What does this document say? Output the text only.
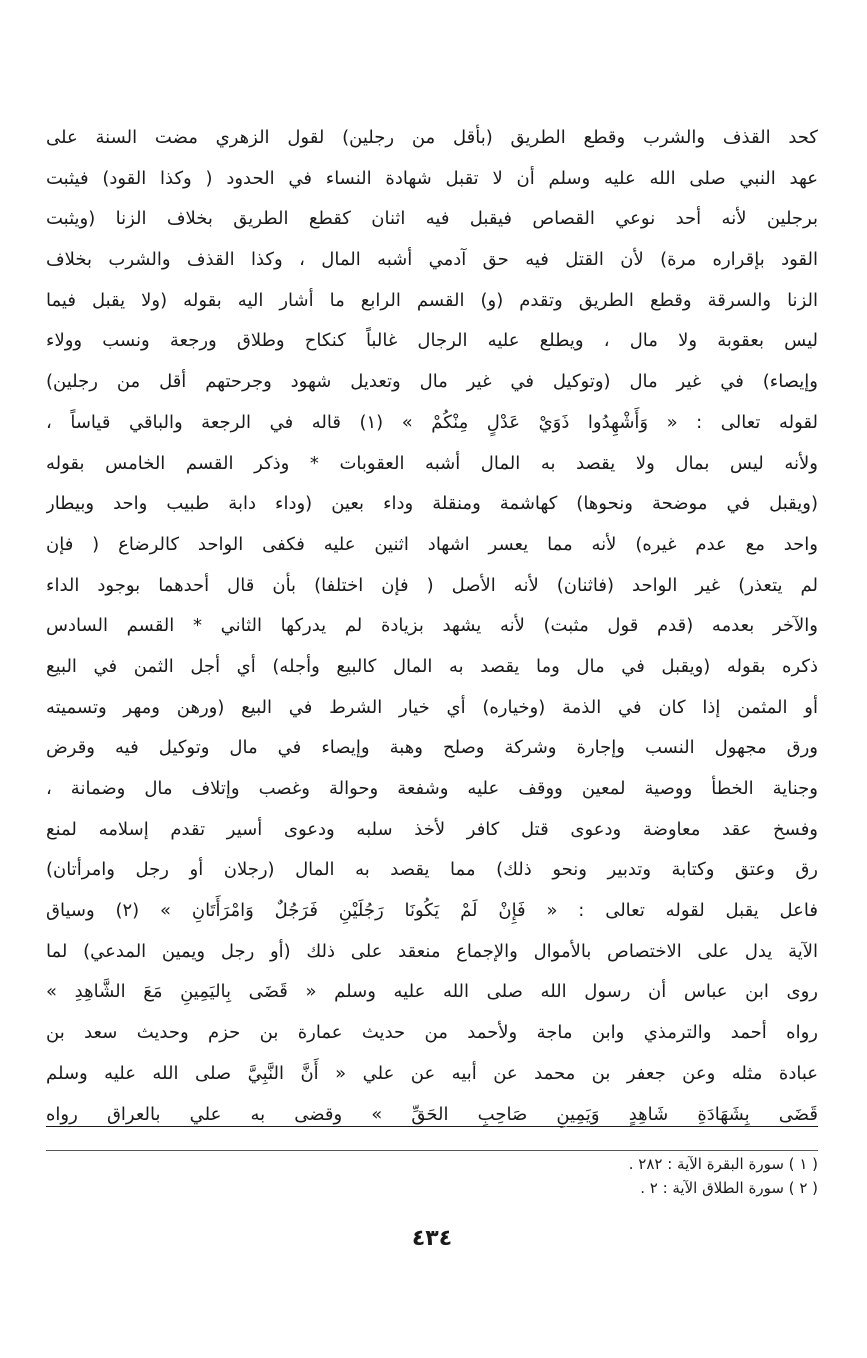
كحد القذف والشرب وقطع الطريق (بأقل من رجلين) لقول الزهري مضت السنة على
عهد النبي صلى الله عليه وسلم أن لا تقبل شهادة النساء في الحدود ( وكذا القود) فيثبت
برجلين لأنه أحد نوعي القصاص فيقبل فيه اثنان كقطع الطريق بخلاف الزنا (ويثبت
القود بإقراره مرة) لأن القتل فيه حق آدمي أشبه المال ، وكذا القذف والشرب بخلاف
الزنا والسرقة وقطع الطريق وتقدم (و) القسم الرابع ما أشار اليه بقوله (ولا يقبل فيما
ليس بعقوبة ولا مال ، ويطلع عليه الرجال غالباً كنكاح وطلاق ورجعة ونسب وولاء
وإيصاء) في غير مال (وتوكيل في غير مال وتعديل شهود وجرحتهم أقل من رجلين)
لقوله تعالى : « وَأَشْهِدُوا ذَوَيْ عَدْلٍ مِنْكُمْ » (١) قاله في الرجعة والباقي قياساً ،
ولأنه ليس بمال ولا يقصد به المال أشبه العقوبات * وذكر القسم الخامس بقوله
(ويقبل في موضحة ونحوها) كهاشمة ومنقلة وداء بعين (وداء دابة طبيب واحد وبيطار
واحد مع عدم غيره) لأنه مما يعسر اشهاد اثنين عليه فكفى الواحد كالرضاع ( فإن
لم يتعذر) غير الواحد (فاثنان) لأنه الأصل ( فإن اختلفا) بأن قال أحدهما بوجود الداء
والآخر بعدمه (قدم قول مثبت) لأنه يشهد بزيادة لم يدركها الثاني * القسم السادس
ذكره بقوله (ويقبل في مال وما يقصد به المال كالبيع وأجله) أي أجل الثمن في البيع
أو المثمن إذا كان في الذمة (وخياره) أي خيار الشرط في البيع (ورهن ومهر وتسميته
ورق مجهول النسب وإجارة وشركة وصلح وهبة وإيصاء في مال وتوكيل فيه وقرض
وجناية الخطأ ووصية لمعين ووقف عليه وشفعة وحوالة وغصب وإتلاف مال وضمانة ،
وفسخ عقد معاوضة ودعوى قتل كافر لأخذ سلبه ودعوى أسير تقدم إسلامه لمنع
رق وعتق وكتابة وتدبير ونحو ذلك) مما يقصد به المال (رجلان أو رجل وامرأتان)
فاعل يقبل لقوله تعالى : « فَإِنْ لَمْ يَكُونَا رَجُلَيْنِ فَرَجُلٌ وَامْرَأَتَانِ » (٢) وسياق
الآية يدل على الاختصاص بالأموال والإجماع منعقد على ذلك (أو رجل ويمين المدعي) لما
روى ابن عباس أن رسول الله صلى الله عليه وسلم « قَضَى بِاليَمِينِ مَعَ الشَّاهِدِ »
رواه أحمد والترمذي وابن ماجة ولأحمد من حديث عمارة بن حزم وحديث سعد بن
عبادة مثله وعن جعفر بن محمد عن أبيه عن علي « أَنَّ النَّبِيَّ صلى الله عليه وسلم
قَضَى بِشَهَادَةِ شَاهِدٍ وَيَمِينِ صَاحِبِ الحَقِّ » وقضى به علي بالعراق رواه
( ١ ) سورة البقرة الآية : ٢٨٢ .
( ٢ ) سورة الطلاق الآية : ٢ .
٤٣٤
